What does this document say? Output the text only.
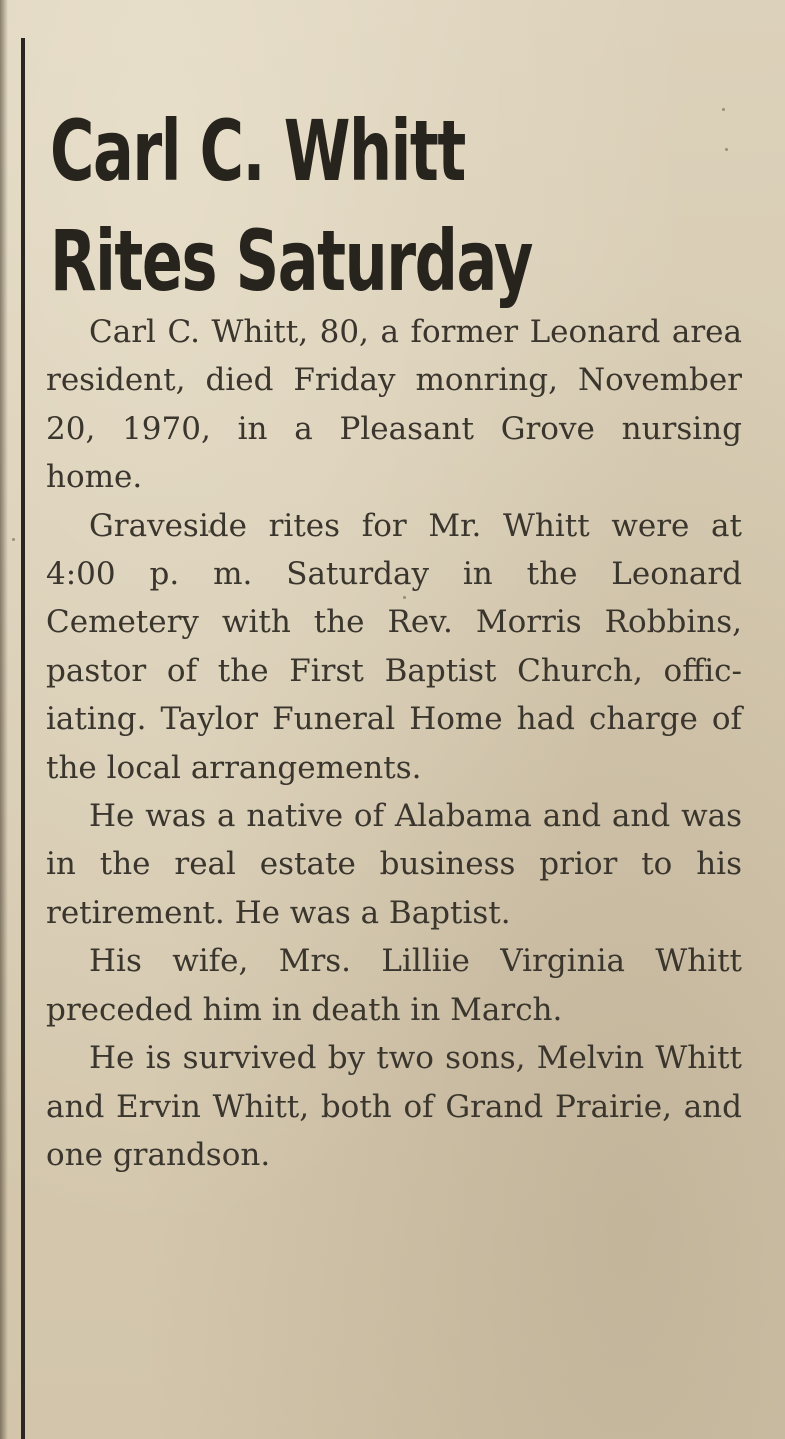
Carl C. Whitt
Rites Saturday

Carl C. Whitt, 80, a former Leonard area resident, died Friday monring, November 20, 1970, in a Pleasant Grove nursing home.

Graveside rites for Mr. Whitt were at 4:00 p. m. Saturday in the Leonard Cemetery with the Rev. Morris Robbins, pastor of the First Baptist Church, officiating. Taylor Funeral Home had charge of the local arrangements.

He was a native of Alabama and and was in the real estate business prior to his retirement. He was a Baptist.

His wife, Mrs. Lilliie Virginia Whitt preceded him in death in March.

He is survived by two sons, Melvin Whitt and Ervin Whitt, both of Grand Prairie, and one grandson.
